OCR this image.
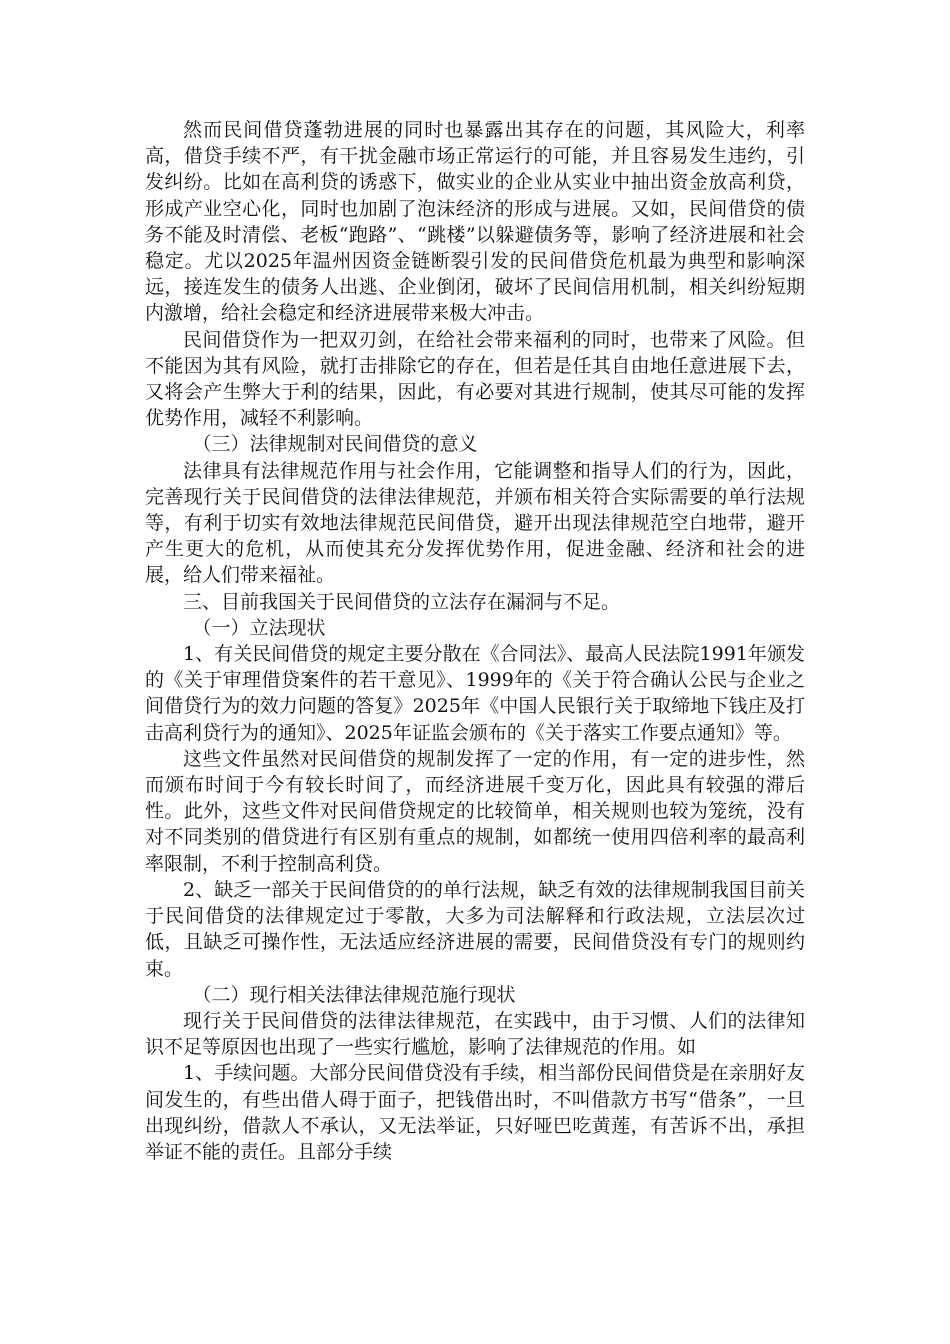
然而民间借贷蓬勃进展的同时也暴露出其存在的问题，其风险大，利率高，借贷手续不严，有干扰金融市场正常运行的可能，并且容易发生违约，引发纠纷。比如在高利贷的诱惑下，做实业的企业从实业中抽出资金放高利贷，形成产业空心化，同时也加剧了泡沫经济的形成与进展。又如，民间借贷的债务不能及时清偿、老板“跑路”、“跳楼”以躲避债务等，影响了经济进展和社会稳定。尤以2025年温州因资金链断裂引发的民间借贷危机最为典型和影响深远，接连发生的债务人出逃、企业倒闭，破坏了民间信用机制，相关纠纷短期内激增，给社会稳定和经济进展带来极大冲击。

民间借贷作为一把双刃剑，在给社会带来福利的同时，也带来了风险。但不能因为其有风险，就打击排除它的存在，但若是任其自由地任意进展下去，又将会产生弊大于利的结果，因此，有必要对其进行规制，使其尽可能的发挥优势作用，减轻不利影响。

（三）法律规制对民间借贷的意义

法律具有法律规范作用与社会作用，它能调整和指导人们的行为，因此，完善现行关于民间借贷的法律法律规范，并颁布相关符合实际需要的单行法规等，有利于切实有效地法律规范民间借贷，避开出现法律规范空白地带，避开产生更大的危机，从而使其充分发挥优势作用，促进金融、经济和社会的进展，给人们带来福祉。

三、目前我国关于民间借贷的立法存在漏洞与不足。

（一）立法现状

1、有关民间借贷的规定主要分散在《合同法》、最高人民法院1991年颁发的《关于审理借贷案件的若干意见》、1999年的《关于符合确认公民与企业之间借贷行为的效力问题的答复》2025年《中国人民银行关于取缔地下钱庄及打击高利贷行为的通知》、2025年证监会颁布的《关于落实工作要点通知》等。

这些文件虽然对民间借贷的规制发挥了一定的作用，有一定的进步性，然而颁布时间于今有较长时间了，而经济进展千变万化，因此具有较强的滞后性。此外，这些文件对民间借贷规定的比较简单，相关规则也较为笼统，没有对不同类别的借贷进行有区别有重点的规制，如都统一使用四倍利率的最高利率限制，不利于控制高利贷。

2、缺乏一部关于民间借贷的的单行法规，缺乏有效的法律规制我国目前关于民间借贷的法律规定过于零散，大多为司法解释和行政法规，立法层次过低，且缺乏可操作性，无法适应经济进展的需要，民间借贷没有专门的规则约束。

（二）现行相关法律法律规范施行现状

现行关于民间借贷的法律法律规范，在实践中，由于习惯、人们的法律知识不足等原因也出现了一些实行尴尬，影响了法律规范的作用。如

1、手续问题。大部分民间借贷没有手续，相当部份民间借贷是在亲朋好友间发生的，有些出借人碍于面子，把钱借出时，不叫借款方书写“借条”，一旦出现纠纷，借款人不承认，又无法举证，只好哑巴吃黄莲，有苦诉不出，承担举证不能的责任。且部分手续
